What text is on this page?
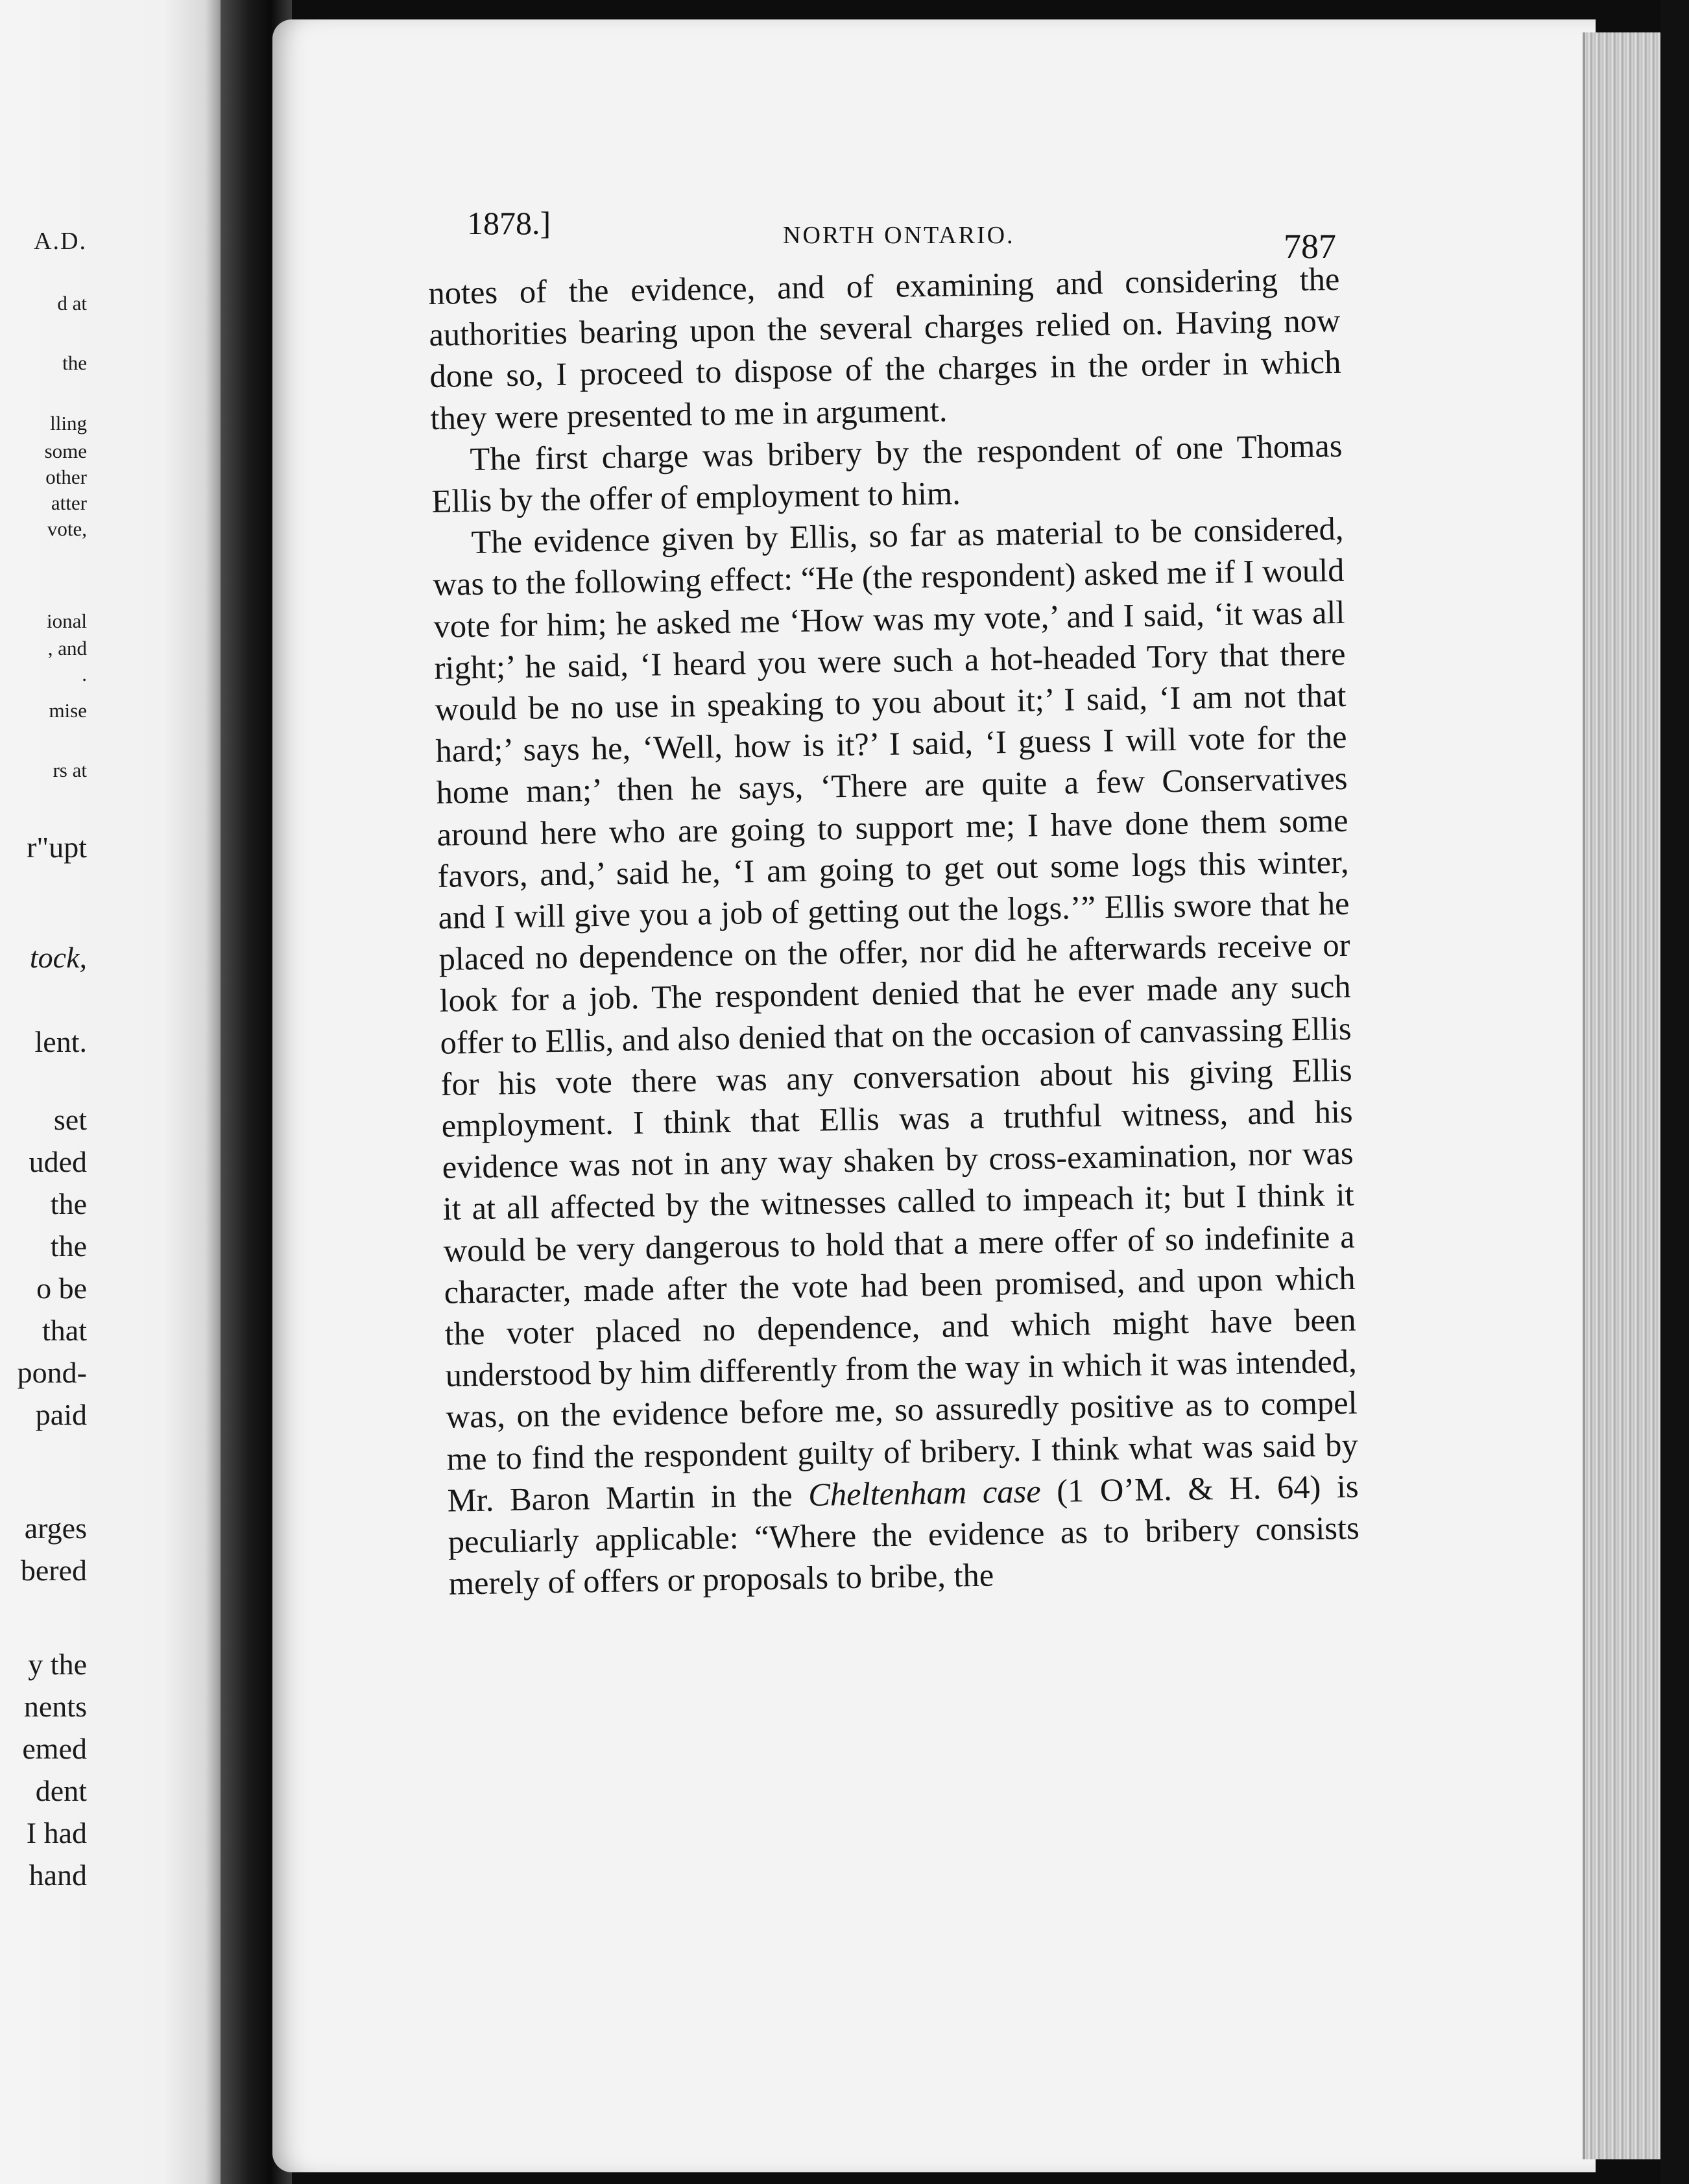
A.D.
d at
the
lling
some
other
atter
vote,
ional
, and
.
mise
rs at
r"upt
tock,
lent.
set
uded
the
the
o be
that
pond-
paid
arges
bered
y the
nents
emed
dent
I had
hand
1878.]	NORTH ONTARIO.	787

notes of the evidence, and of examining and considering the authorities bearing upon the several charges relied on. Having now done so, I proceed to dispose of the charges in the order in which they were presented to me in argument.

The first charge was bribery by the respondent of one Thomas Ellis by the offer of employment to him.

The evidence given by Ellis, so far as material to be considered, was to the following effect: “He (the respondent) asked me if I would vote for him; he asked me ‘How was my vote,’ and I said, ‘it was all right;’ he said, ‘I heard you were such a hot-headed Tory that there would be no use in speaking to you about it;’ I said, ‘I am not that hard;’ says he, ‘Well, how is it?’ I said, ‘I guess I will vote for the home man;’ then he says, ‘There are quite a few Conservatives around here who are going to support me; I have done them some favors, and,’ said he, ‘I am going to get out some logs this winter, and I will give you a job of getting out the logs.’” Ellis swore that he placed no dependence on the offer, nor did he afterwards receive or look for a job. The respondent denied that he ever made any such offer to Ellis, and also denied that on the occasion of canvassing Ellis for his vote there was any conversation about his giving Ellis employment. I think that Ellis was a truthful witness, and his evidence was not in any way shaken by cross-examination, nor was it at all affected by the witnesses called to impeach it; but I think it would be very dangerous to hold that a mere offer of so indefinite a character, made after the vote had been promised, and upon which the voter placed no dependence, and which might have been understood by him differently from the way in which it was intended, was, on the evidence before me, so assuredly positive as to compel me to find the respondent guilty of bribery. I think what was said by Mr. Baron Martin in the Cheltenham case (1 O’M. & H. 64) is peculiarly applicable: “Where the evidence as to bribery consists merely of offers or proposals to bribe, the
